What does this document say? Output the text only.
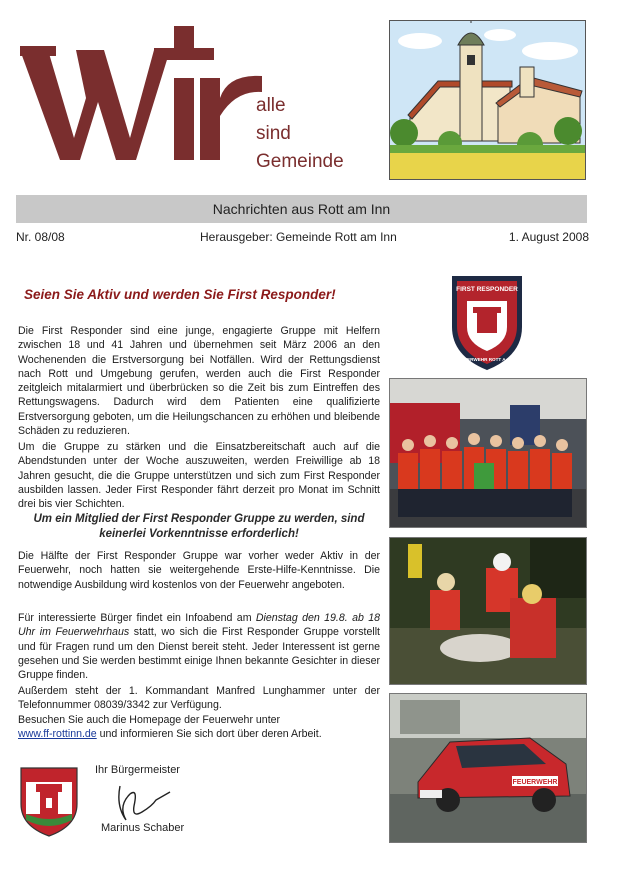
alle
sind
Gemeinde
Nachrichten aus Rott am Inn
Nr. 08/08	Herausgeber: Gemeinde Rott am Inn	1. August 2008
Seien Sie Aktiv und werden Sie First Responder!

Die First Responder sind eine junge, engagierte Gruppe mit Helfern zwischen 18 und 41 Jahren und übernehmen seit März 2006 an den Wochenenden die Erstversorgung bei Notfällen. Wird der Rettungsdienst nach Rott und Umgebung gerufen, werden auch die First Responder zeitgleich mitalarmiert und überbrücken so die Zeit bis zum Eintreffen des Rettungswagens. Dadurch wird dem Patienten eine qualifizierte Erstversorgung geboten, um die Heilungschancen zu erhöhen und bleibende Schäden zu reduzieren.

Um die Gruppe zu stärken und die Einsatzbereitschaft auch auf die Abendstunden unter der Woche auszuweiten, werden Freiwillige ab 18 Jahren gesucht, die die Gruppe unterstützen und sich zum First Responder ausbilden lassen. Jeder First Responder fährt derzeit pro Monat im Schnitt drei bis vier Schichten.

Um ein Mitglied der First Responder Gruppe zu werden, sind keinerlei Vorkenntnisse erforderlich!

Die Hälfte der First Responder Gruppe war vorher weder Aktiv in der Feuerwehr, noch hatten sie weitergehende Erste-Hilfe-Kenntnisse. Die notwendige Ausbildung wird kostenlos von der Feuerwehr angeboten.

Für interessierte Bürger findet ein Infoabend am Dienstag den 19.8. ab 18 Uhr im Feuerwehrhaus statt, wo sich die First Responder Gruppe vorstellt und für Fragen rund um den Dienst bereit steht. Jeder Interessent ist gerne gesehen und Sie werden bestimmt einige Ihnen bekannte Gesichter in dieser Gruppe finden.

Außerdem steht der 1. Kommandant Manfred Lunghammer unter der Telefonnummer 08039/3342 zur Verfügung.
Besuchen Sie auch die Homepage der Feuerwehr unter
www.ff-rottinn.de und informieren Sie sich dort über deren Arbeit.

FIRST RESPONDER
FEUERWEHR ROTT A. INN
FEUERWEHR
Ihr Bürgermeister
Marinus Schaber
